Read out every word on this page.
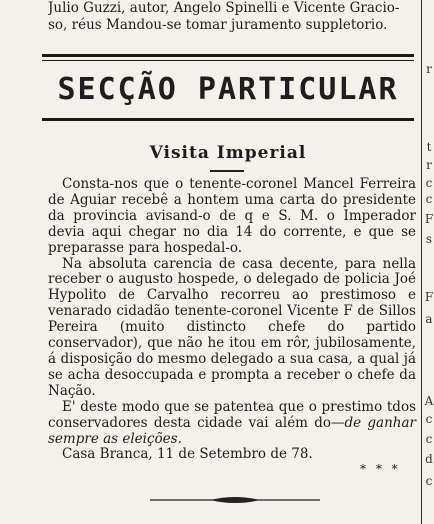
Julio Guzzi, autor, Angelo Spinelli e Vicente Gracio-
so, réus Mandou-se tomar juramento suppletorio.
SECÇÃO PARTICULAR
Visita Imperial

Consta-nos que o tenente-coronel Mancel Ferreira de Aguiar recebê a hontem uma carta do presidente da provincia avisand-o de q e S. M. o Imperador devia aqui chegar no dia 14 do corrente, e que se preparasse para hospedal-o.

Na absoluta carencia de casa decente, para nella receber o augusto hospede, o delegado de policia Joé Hypolito de Carvalho recorreu ao prestimoso e venarado cidadão tenente-coronel Vicente F de Sillos Pereira (muito distincto chefe do partido conservador), que não he itou em rôr, jubilosamente, á disposição do mesmo delegado a sua casa, a qual já se acha desoccupada e prompta a receber o chefe da Nação.

E' deste modo que se patentea que o prestimo tdos conservadores desta cidade vai além do—de ganhar sempre as eleições.

Casa Branca, 11 de Setembro de 78.

* * *
r
t
r
c
c
F
s
F
a
A
c
c
d
c
